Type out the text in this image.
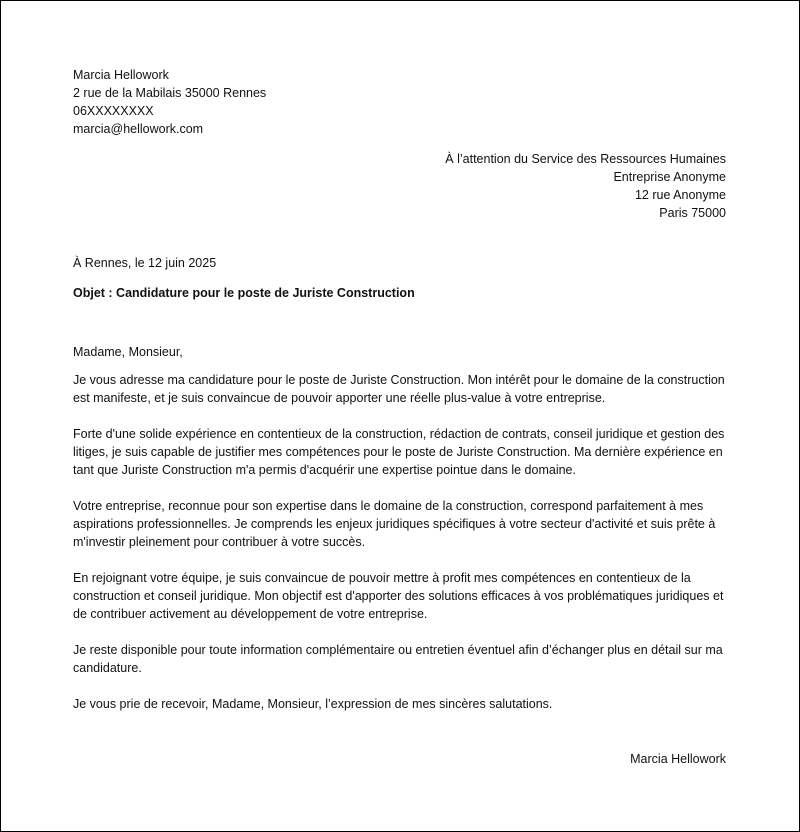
Marcia Hellowork
2 rue de la Mabilais 35000 Rennes
06XXXXXXXX
marcia@hellowork.com
À l’attention du Service des Ressources Humaines
Entreprise Anonyme
12 rue Anonyme
Paris 75000
À Rennes, le 12 juin 2025
Objet : Candidature pour le poste de Juriste Construction

Madame, Monsieur,

Je vous adresse ma candidature pour le poste de Juriste Construction. Mon intérêt pour le domaine de la construction est manifeste, et je suis convaincue de pouvoir apporter une réelle plus-value à votre entreprise.

Forte d'une solide expérience en contentieux de la construction, rédaction de contrats, conseil juridique et gestion des litiges, je suis capable de justifier mes compétences pour le poste de Juriste Construction. Ma dernière expérience en tant que Juriste Construction m'a permis d'acquérir une expertise pointue dans le domaine.

Votre entreprise, reconnue pour son expertise dans le domaine de la construction, correspond parfaitement à mes aspirations professionnelles. Je comprends les enjeux juridiques spécifiques à votre secteur d'activité et suis prête à m'investir pleinement pour contribuer à votre succès.

En rejoignant votre équipe, je suis convaincue de pouvoir mettre à profit mes compétences en contentieux de la construction et conseil juridique. Mon objectif est d'apporter des solutions efficaces à vos problématiques juridiques et de contribuer activement au développement de votre entreprise.

Je reste disponible pour toute information complémentaire ou entretien éventuel afin d’échanger plus en détail sur ma candidature.

Je vous prie de recevoir, Madame, Monsieur, l’expression de mes sincères salutations.

Marcia Hellowork
